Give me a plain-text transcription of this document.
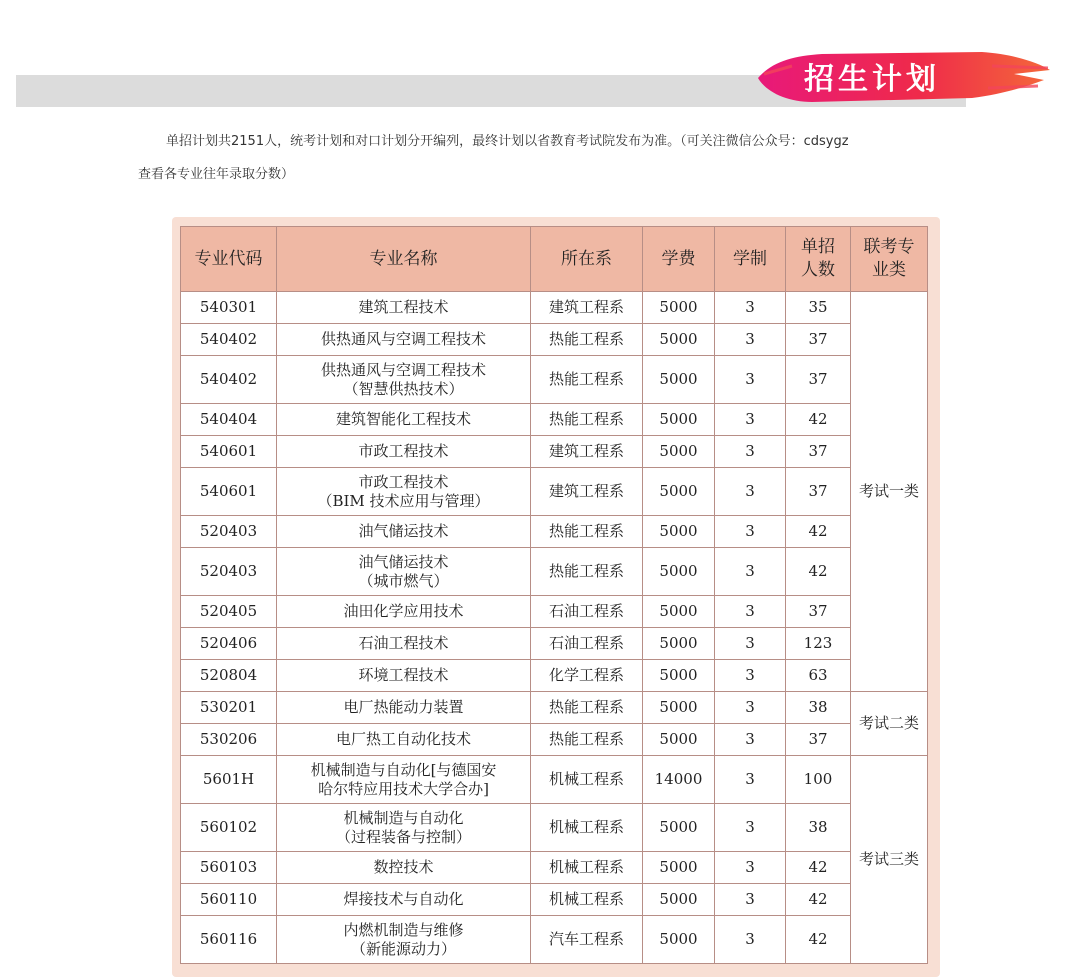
招生计划
单招计划共2151人，统考计划和对口计划分开编列，最终计划以省教育考试院发布为准。（可关注微信公众号：cdsygz
查看各专业往年录取分数）
专业代码	专业名称	所在系	学费	学制	单招
人数	联考专
业类

540301	建筑工程技术	建筑工程系	5000	3	35	考试一类
540402	供热通风与空调工程技术	热能工程系	5000	3	37	
540402	供热通风与空调工程技术
（智慧供热技术）	热能工程系	5000	3	37	
540404	建筑智能化工程技术	热能工程系	5000	3	42	
540601	市政工程技术	建筑工程系	5000	3	37	
540601	市政工程技术
（BIM 技术应用与管理）	建筑工程系	5000	3	37	
520403	油气储运技术	热能工程系	5000	3	42	
520403	油气储运技术
（城市燃气）	热能工程系	5000	3	42	
520405	油田化学应用技术	石油工程系	5000	3	37	
520406	石油工程技术	石油工程系	5000	3	123	
520804	环境工程技术	化学工程系	5000	3	63	
530201	电厂热能动力装置	热能工程系	5000	3	38	考试二类
530206	电厂热工自动化技术	热能工程系	5000	3	37	
5601H	机械制造与自动化[与德国安
哈尔特应用技术大学合办]	机械工程系	14000	3	100	考试三类
560102	机械制造与自动化
（过程装备与控制）	机械工程系	5000	3	38	
560103	数控技术	机械工程系	5000	3	42	
560110	焊接技术与自动化	机械工程系	5000	3	42	
560116	内燃机制造与维修
（新能源动力）	汽车工程系	5000	3	42	
